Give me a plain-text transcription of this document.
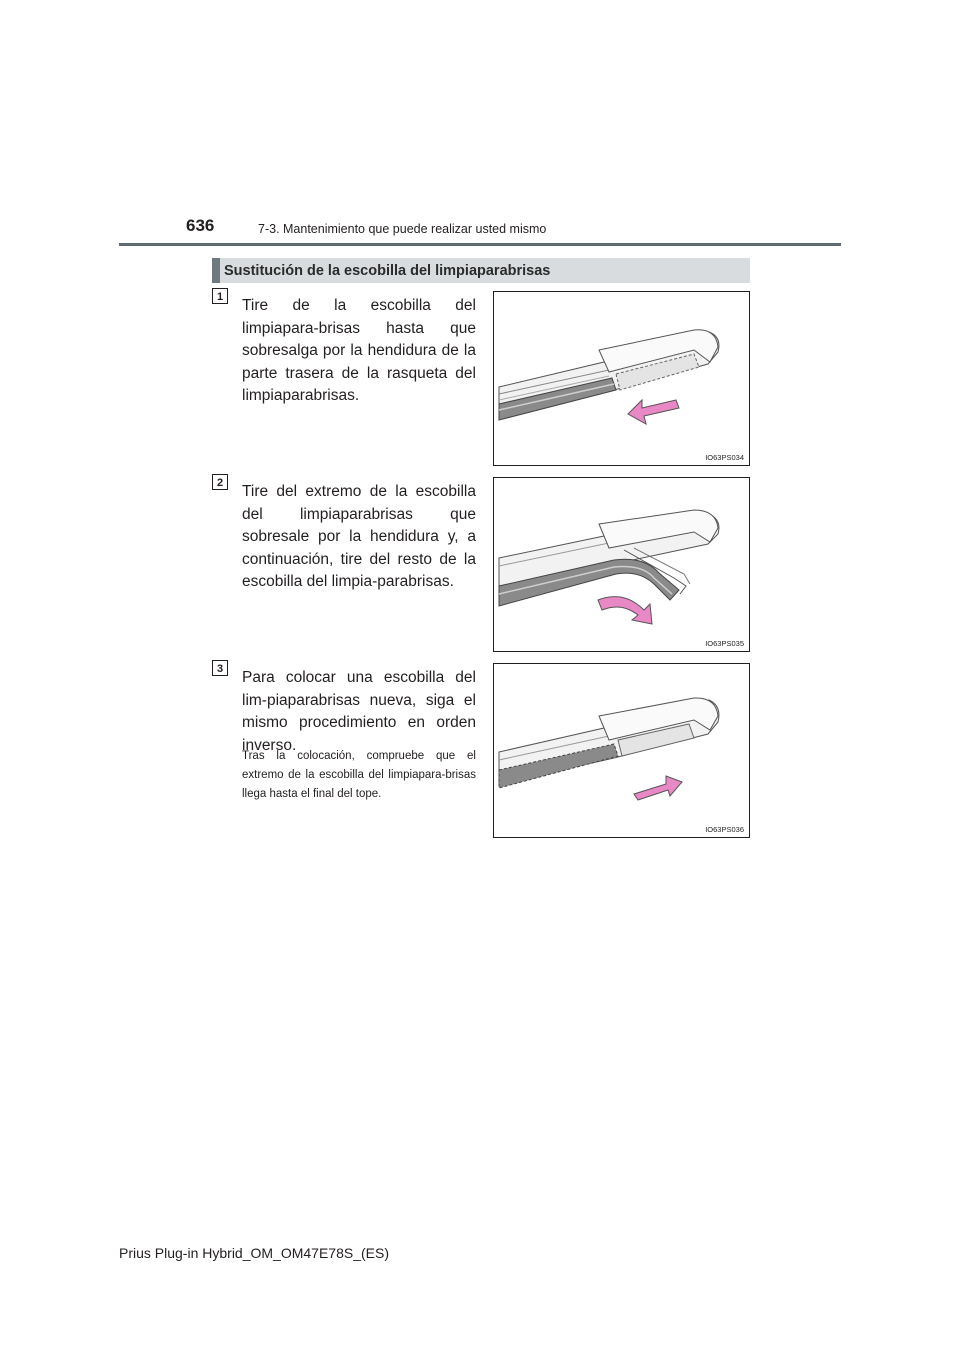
636	7-3. Mantenimiento que puede realizar usted mismo
Sustitución de la escobilla del limpiaparabrisas
1	Tire de la escobilla del limpiapara-brisas hasta que sobresalga por la hendidura de la parte trasera de la rasqueta del limpiaparabrisas.
IO63PS034
2	Tire del extremo de la escobilla del limpiaparabrisas que sobresale por la hendidura y, a continuación, tire del resto de la escobilla del limpia-parabrisas.
IO63PS035
3	Para colocar una escobilla del lim-piaparabrisas nueva, siga el mismo procedimiento en orden inverso.
Tras la colocación, compruebe que el extremo de la escobilla del limpiapara-brisas llega hasta el final del tope.
IO63PS036
Prius Plug-in Hybrid_OM_OM47E78S_(ES)
